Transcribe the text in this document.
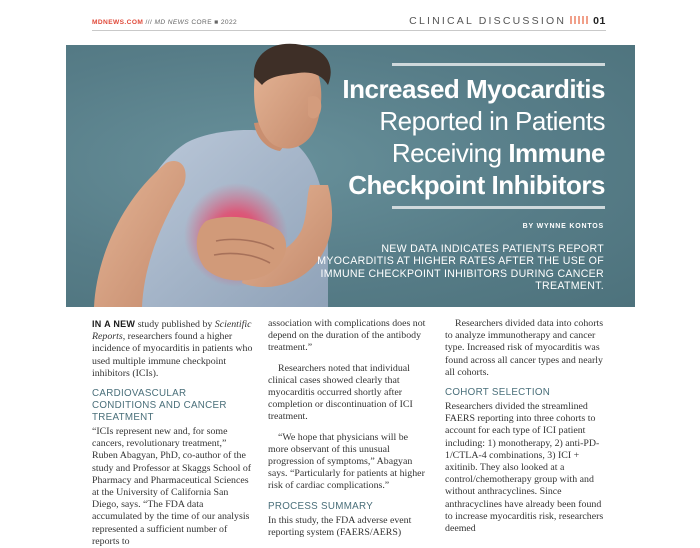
MDNEWS.COM /// MD NEWS CORE ■ 2022	CLINICAL DISCUSSION	01
Increased Myocarditis
Reported in Patients
Receiving Immune
Checkpoint Inhibitors
BY WYNNE KONTOS
NEW DATA INDICATES PATIENTS REPORT MYOCARDITIS AT HIGHER RATES AFTER THE USE OF IMMUNE CHECKPOINT INHIBITORS DURING CANCER TREATMENT.

IN A NEW study published by Scientific Reports, researchers found a higher incidence of myocarditis in patients who used multiple immune checkpoint inhibitors (ICIs).

CARDIOVASCULAR CONDITIONS AND CANCER TREATMENT

“ICIs represent new and, for some cancers, revolutionary treatment,” Ruben Abagyan, PhD, co-author of the study and Professor at Skaggs School of Pharmacy and Pharmaceutical Sciences at the University of California San Diego, says. “The FDA data accumulated by the time of our analysis represented a sufficient number of reports to

association with complications does not depend on the duration of the antibody treatment.”

Researchers noted that individual clinical cases showed clearly that myocarditis occurred shortly after completion or discontinuation of ICI treatment.

“We hope that physicians will be more observant of this unusual progression of symptoms,” Abagyan says. “Particularly for patients at higher risk of cardiac complications.”

PROCESS SUMMARY

In this study, the FDA adverse event reporting system (FAERS/AERS)

Researchers divided data into cohorts to analyze immunotherapy and cancer type. Increased risk of myocarditis was found across all cancer types and nearly all cohorts.

COHORT SELECTION

Researchers divided the streamlined FAERS reporting into three cohorts to account for each type of ICI patient including: 1) monotherapy, 2) anti-PD-1/CTLA-4 combinations, 3) ICI + axitinib. They also looked at a control/chemotherapy group with and without anthracyclines. Since anthracyclines have already been found to increase myocarditis risk, researchers deemed
